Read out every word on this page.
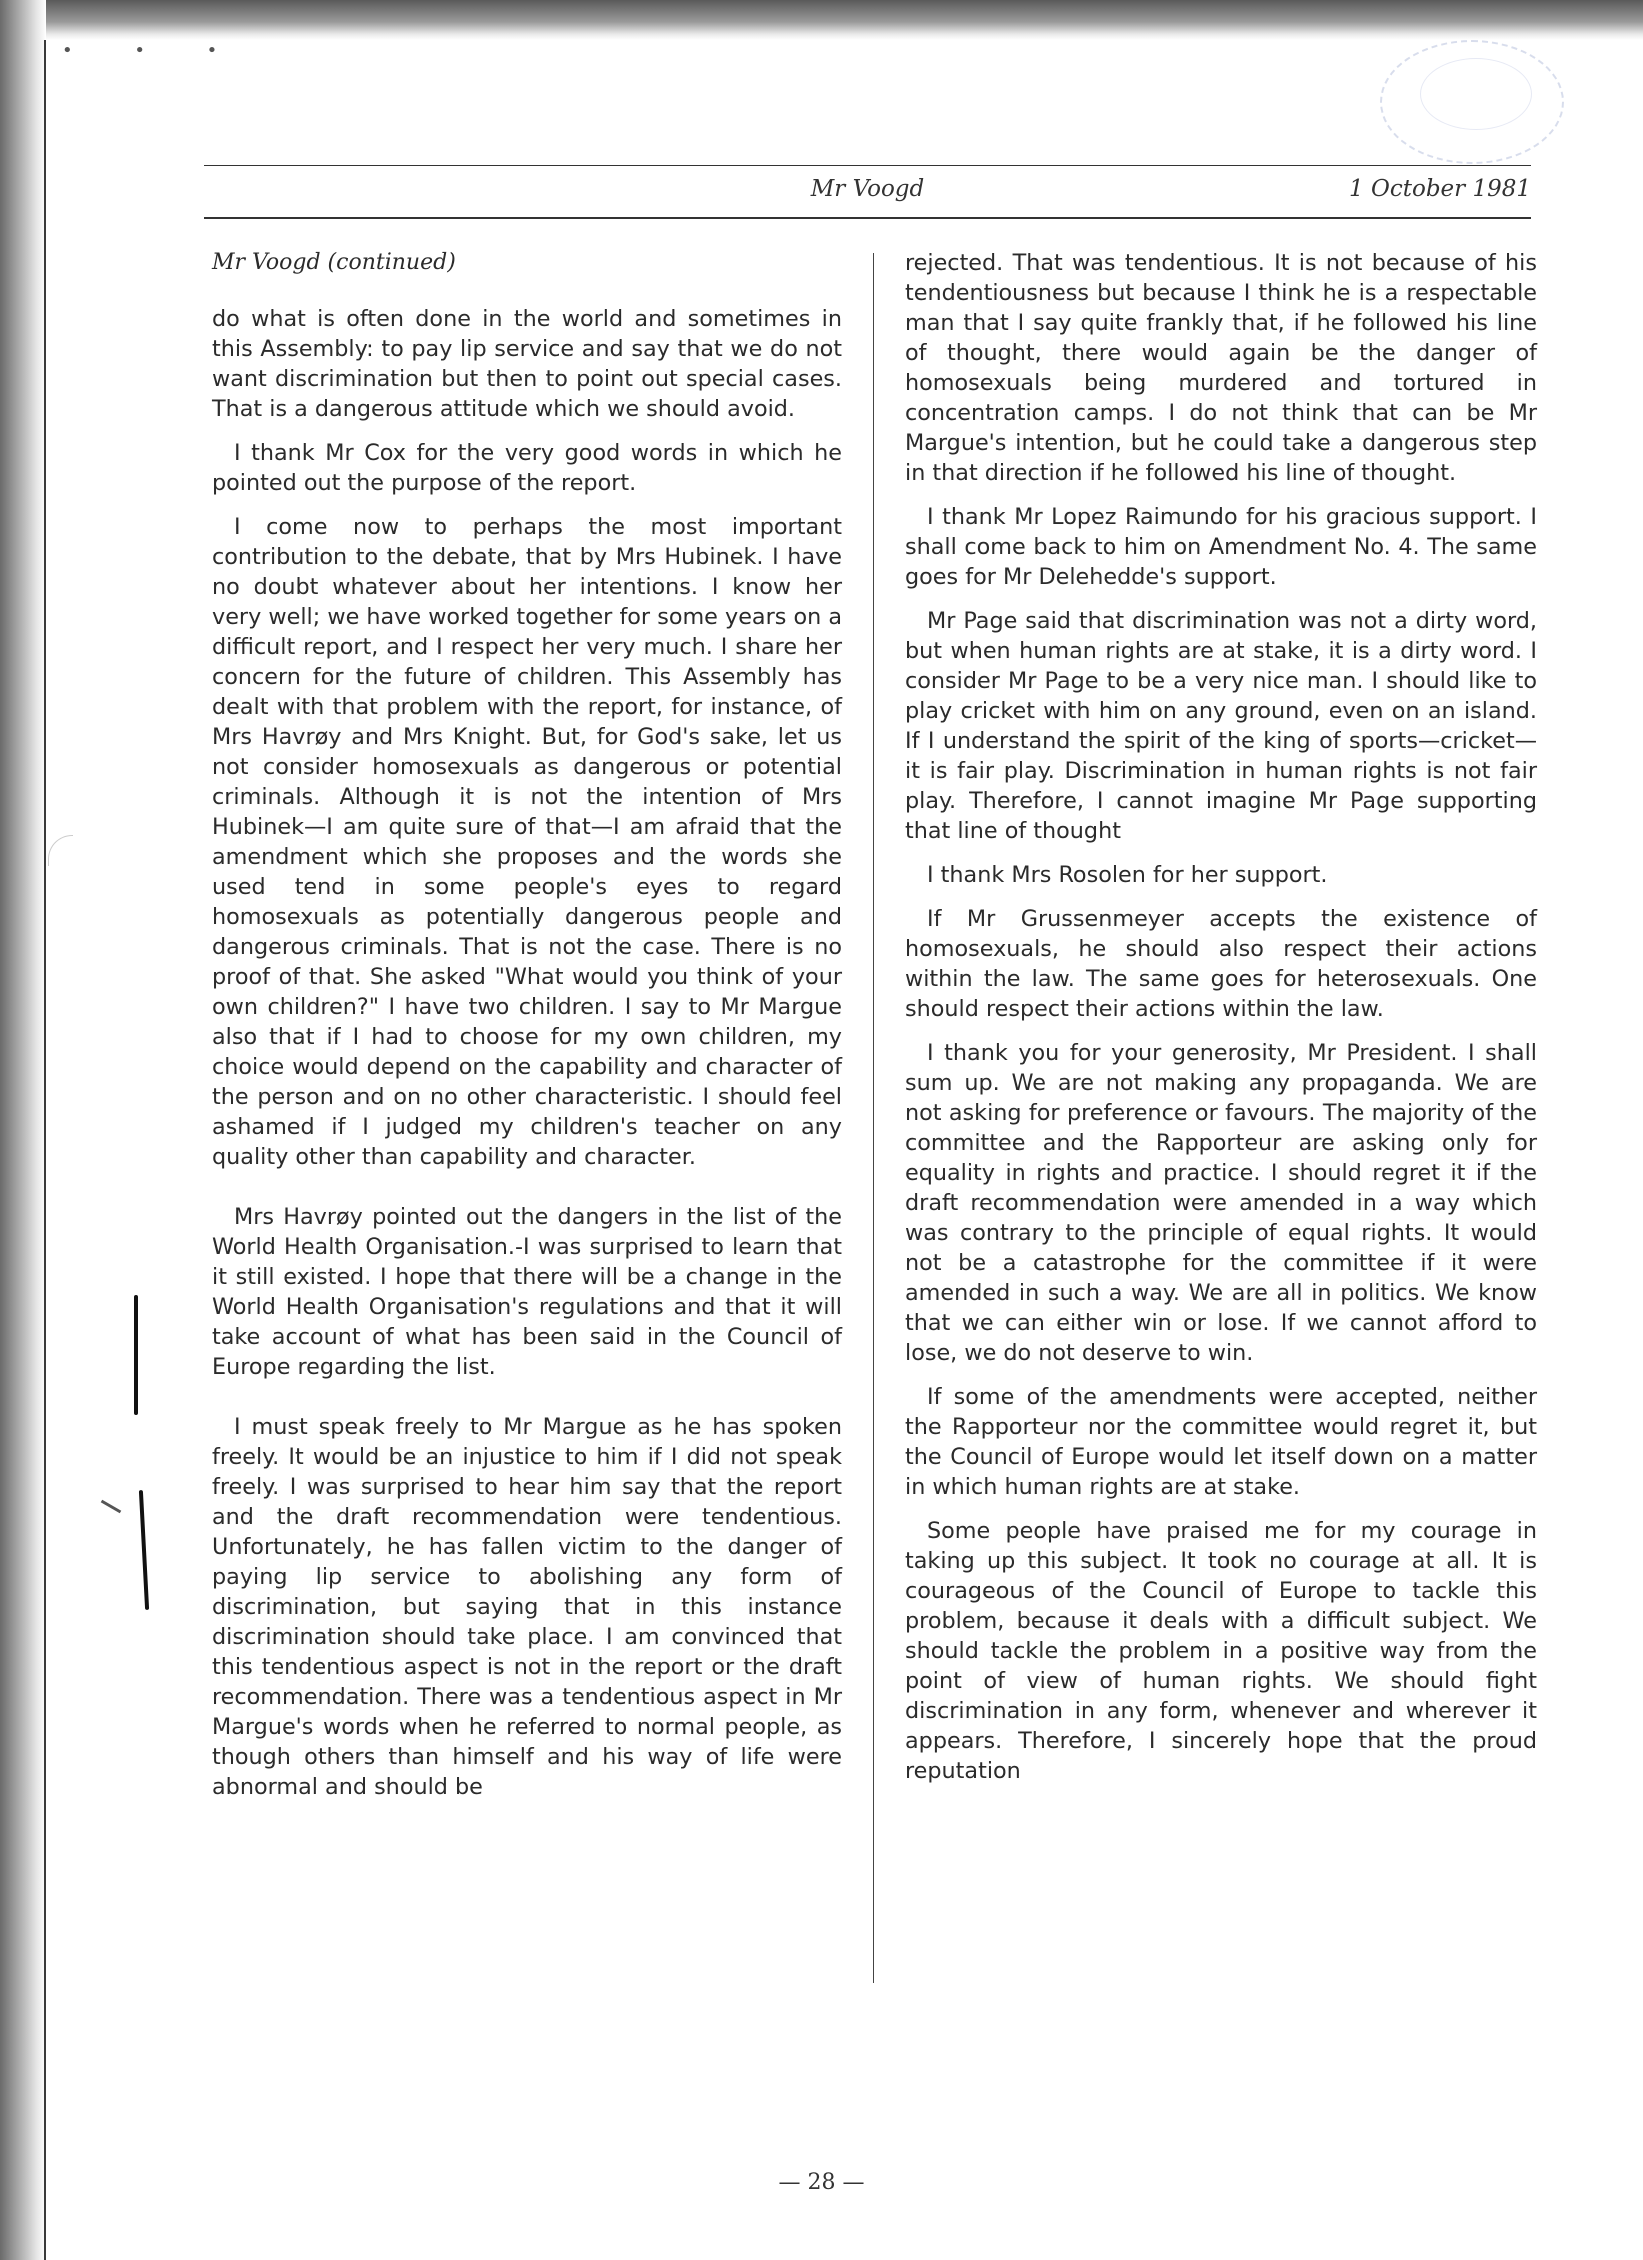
• • •
Mr Voogd	1 October 1981
Mr Voogd (continued)

do what is often done in the world and sometimes in this Assembly: to pay lip service and say that we do not want discrimination but then to point out special cases. That is a dangerous attitude which we should avoid.

I thank Mr Cox for the very good words in which he pointed out the purpose of the report.

I come now to perhaps the most important contribution to the debate, that by Mrs Hubinek. I have no doubt whatever about her intentions. I know her very well; we have worked together for some years on a difficult report, and I respect her very much. I share her concern for the future of children. This Assembly has dealt with that problem with the report, for instance, of Mrs Havrøy and Mrs Knight. But, for God's sake, let us not consider homosexuals as dangerous or potential criminals. Although it is not the intention of Mrs Hubinek—I am quite sure of that—I am afraid that the amendment which she proposes and the words she used tend in some people's eyes to regard homosexuals as potentially dangerous people and dangerous criminals. That is not the case. There is no proof of that. She asked "What would you think of your own children?" I have two children. I say to Mr Margue also that if I had to choose for my own children, my choice would depend on the capability and character of the person and on no other characteristic. I should feel ashamed if I judged my children's teacher on any quality other than capability and character.

Mrs Havrøy pointed out the dangers in the list of the World Health Organisation.-I was surprised to learn that it still existed. I hope that there will be a change in the World Health Organisation's regulations and that it will take account of what has been said in the Council of Europe regarding the list.

I must speak freely to Mr Margue as he has spoken freely. It would be an injustice to him if I did not speak freely. I was surprised to hear him say that the report and the draft recommendation were tendentious. Unfortunately, he has fallen victim to the danger of paying lip service to abolishing any form of discrimination, but saying that in this instance discrimination should take place. I am convinced that this tendentious aspect is not in the report or the draft recommendation. There was a tendentious aspect in Mr Margue's words when he referred to normal people, as though others than himself and his way of life were abnormal and should be

rejected. That was tendentious. It is not because of his tendentiousness but because I think he is a respectable man that I say quite frankly that, if he followed his line of thought, there would again be the danger of homosexuals being murdered and tortured in concentration camps. I do not think that can be Mr Margue's intention, but he could take a dangerous step in that direction if he followed his line of thought.

I thank Mr Lopez Raimundo for his gracious support. I shall come back to him on Amendment No. 4. The same goes for Mr Delehedde's support.

Mr Page said that discrimination was not a dirty word, but when human rights are at stake, it is a dirty word. I consider Mr Page to be a very nice man. I should like to play cricket with him on any ground, even on an island. If I understand the spirit of the king of sports—cricket— it is fair play. Discrimination in human rights is not fair play. Therefore, I cannot imagine Mr Page supporting that line of thought

I thank Mrs Rosolen for her support.

If Mr Grussenmeyer accepts the existence of homosexuals, he should also respect their actions within the law. The same goes for heterosexuals. One should respect their actions within the law.

I thank you for your generosity, Mr President. I shall sum up. We are not making any propaganda. We are not asking for preference or favours. The majority of the committee and the Rapporteur are asking only for equality in rights and practice. I should regret it if the draft recommendation were amended in a way which was contrary to the principle of equal rights. It would not be a catastrophe for the committee if it were amended in such a way. We are all in politics. We know that we can either win or lose. If we cannot afford to lose, we do not deserve to win.

If some of the amendments were accepted, neither the Rapporteur nor the committee would regret it, but the Council of Europe would let itself down on a matter in which human rights are at stake.

Some people have praised me for my courage in taking up this subject. It took no courage at all. It is courageous of the Council of Europe to tackle this problem, because it deals with a difficult subject. We should tackle the problem in a positive way from the point of view of human rights. We should fight discrimination in any form, whenever and wherever it appears. Therefore, I sincerely hope that the proud reputation

— 28 —
